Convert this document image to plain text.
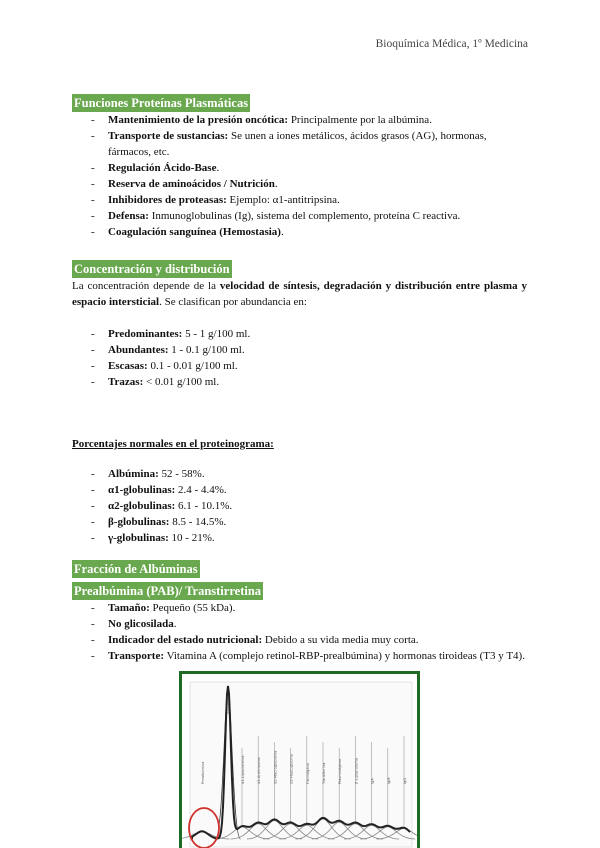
Bioquímica Médica, 1º Medicina
Funciones Proteínas Plasmáticas
- Mantenimiento de la presión oncótica: Principalmente por la albúmina.
- Transporte de sustancias: Se unen a iones metálicos, ácidos grasos (AG), hormonas, fármacos, etc.
- Regulación Ácido-Base.
- Reserva de aminoácidos / Nutrición.
- Inhibidores de proteasas: Ejemplo: α1-antitripsina.
- Defensa: Inmunoglobulinas (Ig), sistema del complemento, proteína C reactiva.
- Coagulación sanguínea (Hemostasia).
Concentración y distribución

La concentración depende de la velocidad de síntesis, degradación y distribución entre plasma y espacio intersticial. Se clasifican por abundancia en:

- Predominantes: 5 - 1 g/100 ml.
- Abundantes: 1 - 0.1 g/100 ml.
- Escasas: 0.1 - 0.01 g/100 ml.
- Trazas: < 0.01 g/100 ml.

Porcentajes normales en el proteinograma:

- Albúmina: 52 - 58%.
- α1-globulinas: 2.4 - 4.4%.
- α2-globulinas: 6.1 - 10.1%.
- β-globulinas: 8.5 - 14.5%.
- γ-globulinas: 10 - 21%.
Fracción de Albúminas
Prealbúmina (PAB)/ Transtirretina
- Tamaño: Pequeño (55 kDa).
- No glicosilada.
- Indicador del estado nutricional: Debido a su vida media muy corta.
- Transporte: Vitamina A (complejo retinol-RBP-prealbúmina) y hormonas tiroideas (T3 y T4).
Prealbúmina
Albúmina
α1-Lipoproteína	α1-Antitripsina	α2-Macroglobulina	α2-Haptoglobina	Fibrinógeno	Transferrina	Plasminógeno	β-Lipoproteína	IgA	IgM	IgG
